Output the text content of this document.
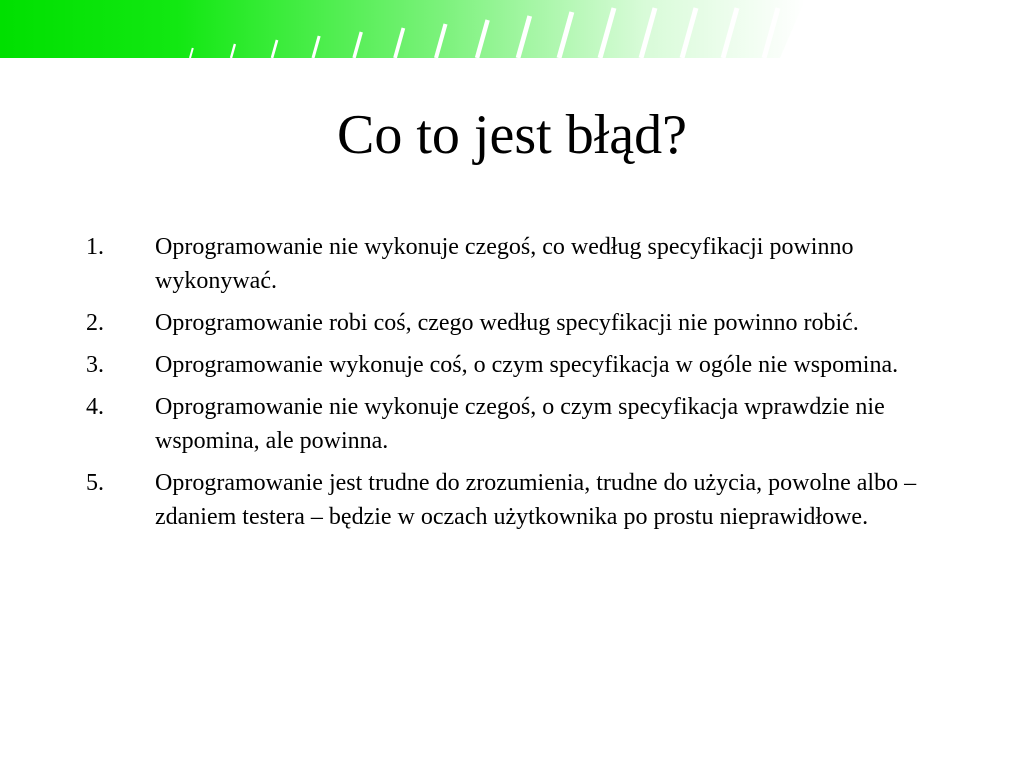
Co to jest błąd?
1.	Oprogramowanie nie wykonuje czegoś, co według specyfikacji powinno wykonywać.
2.	Oprogramowanie robi coś, czego według specyfikacji nie powinno robić.
3.	Oprogramowanie wykonuje coś, o czym specyfikacja w ogóle nie wspomina.
4.	Oprogramowanie nie wykonuje czegoś, o czym specyfikacja wprawdzie nie wspomina, ale powinna.
5.	Oprogramowanie jest trudne do zrozumienia, trudne do użycia, powolne albo – zdaniem testera – będzie w oczach użytkownika po prostu nieprawidłowe.
